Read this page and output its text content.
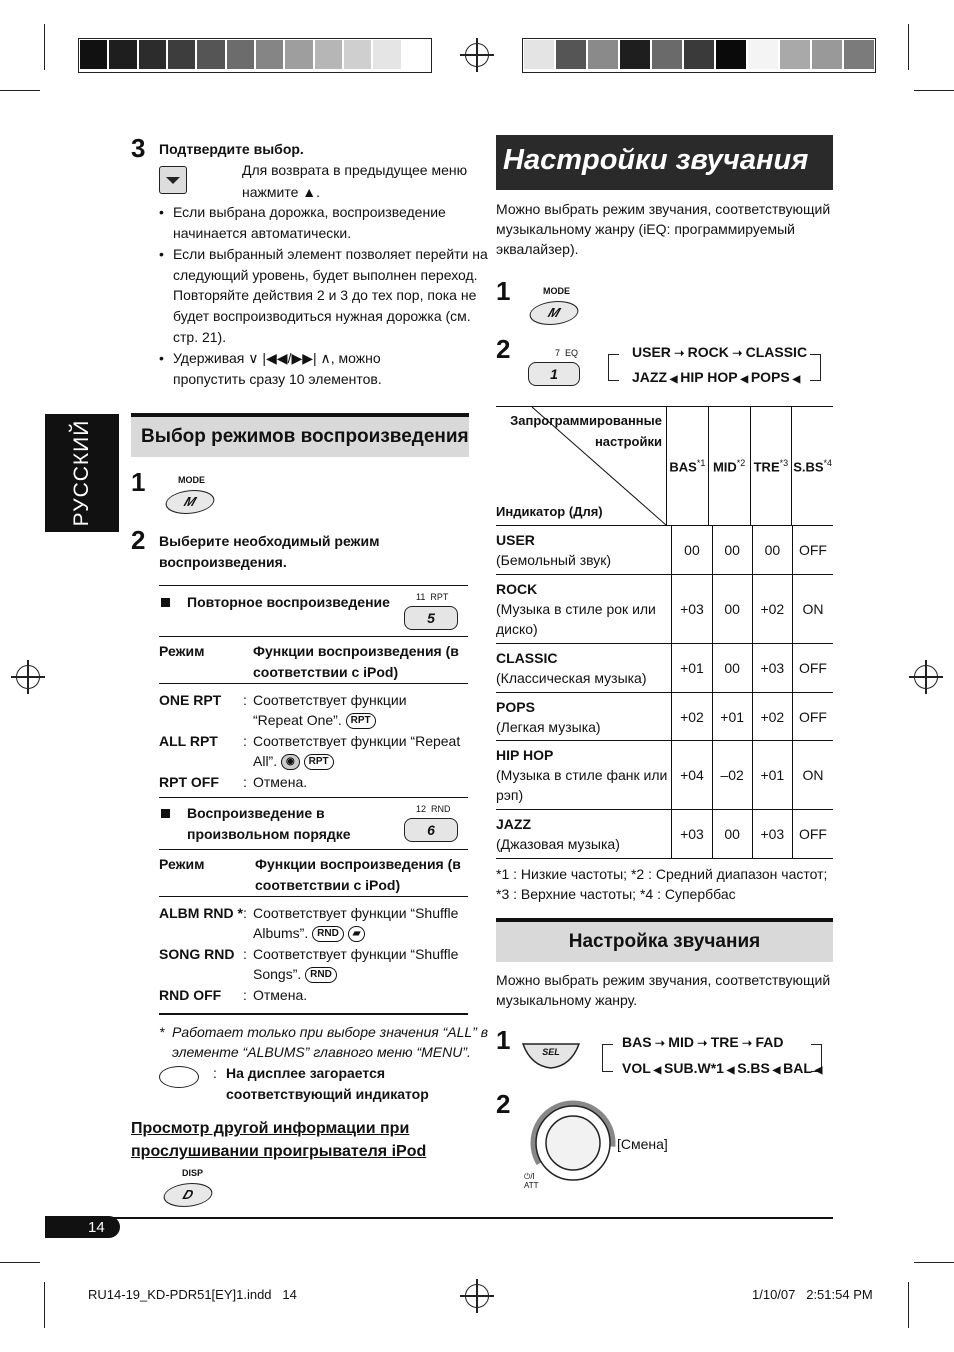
РУССКИЙ
3 Подтвердите выбор.
Для возврата в предыдущее меню
нажмите ▲.
• Если выбрана дорожка, воспроизведение
начинается автоматически.
• Если выбранный элемент позволяет перейти на
следующий уровень, будет выполнен переход.
Повторяйте действия 2 и 3 до тех пор, пока не
будет воспроизводиться нужная дорожка (см.
стр. 21).
• Удерживая ∨ |◀◀/▶▶| ∧, можно
пропустить сразу 10 элементов.
Выбор режимов воспроизведения
1	MODE
M
2 Выберите необходимый режим
воспроизведения.
Повторное воспроизведение	11  RPT
5
Режим	Функции воспроизведения (в
соответствии с iPod)
ONE RPT : Соответствует функции
“Repeat One”. RPT
ALL RPT : Соответствует функции “Repeat
All”. ◉ RPT
RPT OFF : Отмена.
Воспроизведение в
произвольном порядке
12  RND
6
Режим	Функции воспроизведения (в
соответствии с iPod)
ALBM RND * : Соответствует функции “Shuffle
Albums”. RND ▰
SONG RND : Соответствует функции “Shuffle
Songs”. RND
RND OFF : Отмена.
* Работает только при выборе значения “ALL” в
элементе “ALBUMS” главного меню “MENU”.
: На дисплее загорается
соответствующий индикатор
Просмотр другой информации при
прослушивании проигрывателя iPod
DISP
D
Настройки звучания
Можно выбрать режим звучания, соответствующий
музыкальному жанру (iEQ: программируемый
эквалайзер).
1	MODE
M
2	7  EQ
1
USER ➝ ROCK ➝ CLASSIC
JAZZ ◀ HIP HOP ◀ POPS ◀
Запрограммированные
настройки
Индикатор (Для)
BAS$^{*1}$ MID$^{*2}$ TRE$^{*3}$ S.BS$^{*4}$
USER
(Бемольный звук)	00	00	00	OFF

ROCK
(Музыка в стиле рок или
диско)	+03	00	+02	ON

CLASSIC
(Классическая музыка)	+01	00	+03	OFF

POPS
(Легкая музыка)	+02	+01	+02	OFF

HIP HOP
(Музыка в стиле фанк или
рэп)	+04	–02	+01	ON

JAZZ
(Джазовая музыка)	+03	00	+03	OFF
*1 : Низкие частоты; *2 : Средний диапазон частот;
*3 : Верхние частоты; *4 : Суперббас
Настройка звучания
Можно выбрать режим звучания, соответствующий
музыкальному жанру.
1	SEL
BAS ➝ MID ➝ TRE ➝ FAD
VOL ◀ SUB.W*1 ◀ S.BS ◀ BAL ◀
2
[Смена]
⏻/I
ATT
14
RU14-19_KD-PDR51[EY]1.indd   14	1/10/07   2:51:54 PM
